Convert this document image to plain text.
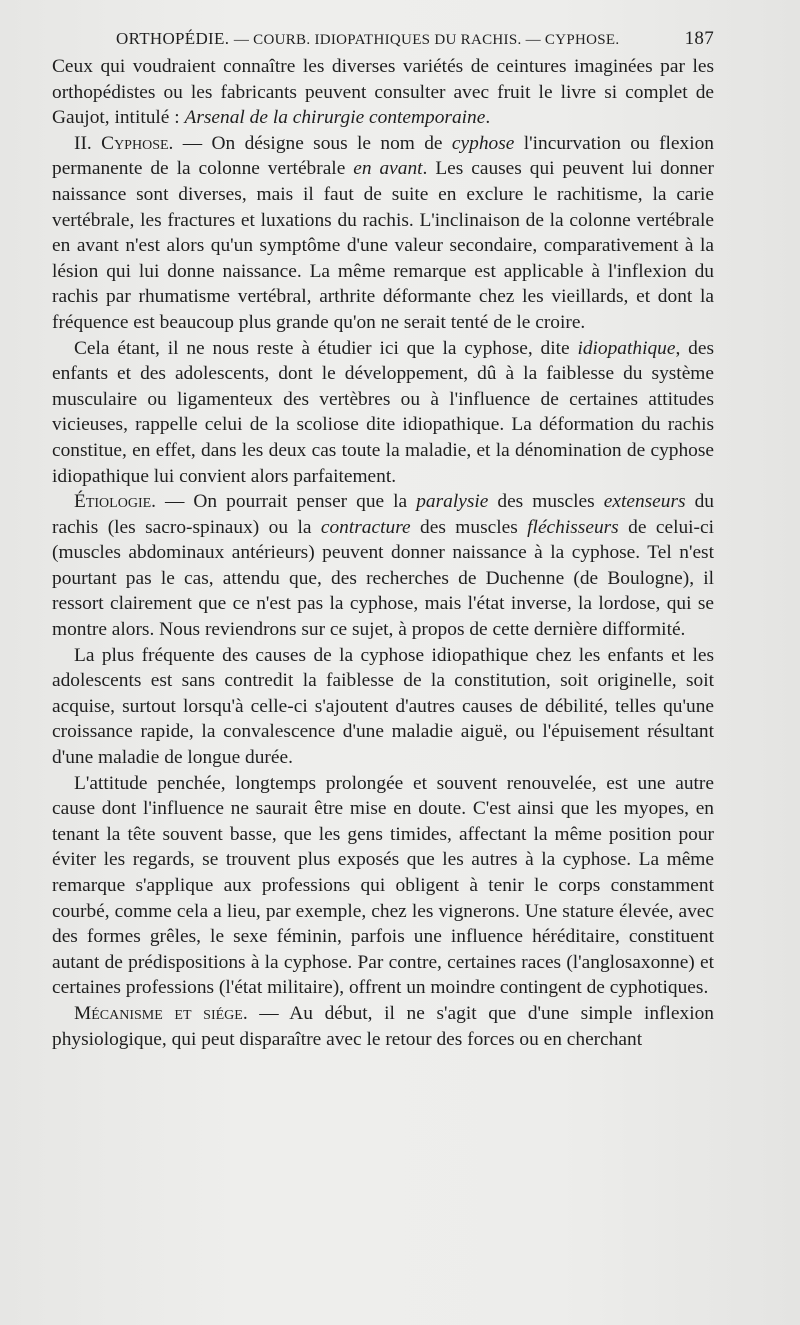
ORTHOPÉDIE. — COURB. IDIOPATHIQUES DU RACHIS. — CYPHOSE.	187

Ceux qui voudraient connaître les diverses variétés de ceintures imaginées par les orthopédistes ou les fabricants peuvent consulter avec fruit le livre si complet de Gaujot, intitulé : Arsenal de la chirurgie contemporaine.

II. Cyphose. — On désigne sous le nom de cyphose l'incurvation ou flexion permanente de la colonne vertébrale en avant. Les causes qui peuvent lui donner naissance sont diverses, mais il faut de suite en exclure le rachitisme, la carie vertébrale, les fractures et luxations du rachis. L'inclinaison de la colonne vertébrale en avant n'est alors qu'un symptôme d'une valeur secondaire, comparativement à la lésion qui lui donne naissance. La même remarque est applicable à l'inflexion du rachis par rhumatisme vertébral, arthrite déformante chez les vieillards, et dont la fréquence est beaucoup plus grande qu'on ne serait tenté de le croire.

Cela étant, il ne nous reste à étudier ici que la cyphose, dite idiopathique, des enfants et des adolescents, dont le développement, dû à la faiblesse du système musculaire ou ligamenteux des vertèbres ou à l'influence de certaines attitudes vicieuses, rappelle celui de la scoliose dite idiopathique. La déformation du rachis constitue, en effet, dans les deux cas toute la maladie, et la dénomination de cyphose idiopathique lui convient alors parfaitement.

Étiologie. — On pourrait penser que la paralysie des muscles extenseurs du rachis (les sacro-spinaux) ou la contracture des muscles fléchisseurs de celui-ci (muscles abdominaux antérieurs) peuvent donner naissance à la cyphose. Tel n'est pourtant pas le cas, attendu que, des recherches de Duchenne (de Boulogne), il ressort clairement que ce n'est pas la cyphose, mais l'état inverse, la lordose, qui se montre alors. Nous reviendrons sur ce sujet, à propos de cette dernière difformité.

La plus fréquente des causes de la cyphose idiopathique chez les enfants et les adolescents est sans contredit la faiblesse de la constitution, soit originelle, soit acquise, surtout lorsqu'à celle-ci s'ajoutent d'autres causes de débilité, telles qu'une croissance rapide, la convalescence d'une maladie aiguë, ou l'épuisement résultant d'une maladie de longue durée.

L'attitude penchée, longtemps prolongée et souvent renouvelée, est une autre cause dont l'influence ne saurait être mise en doute. C'est ainsi que les myopes, en tenant la tête souvent basse, que les gens timides, affectant la même position pour éviter les regards, se trouvent plus exposés que les autres à la cyphose. La même remarque s'applique aux professions qui obligent à tenir le corps constamment courbé, comme cela a lieu, par exemple, chez les vignerons. Une stature élevée, avec des formes grêles, le sexe féminin, parfois une influence héréditaire, constituent autant de prédispositions à la cyphose. Par contre, certaines races (l'anglosaxonne) et certaines professions (l'état militaire), offrent un moindre contingent de cyphotiques.

Mécanisme et siége. — Au début, il ne s'agit que d'une simple inflexion physiologique, qui peut disparaître avec le retour des forces ou en cherchant
